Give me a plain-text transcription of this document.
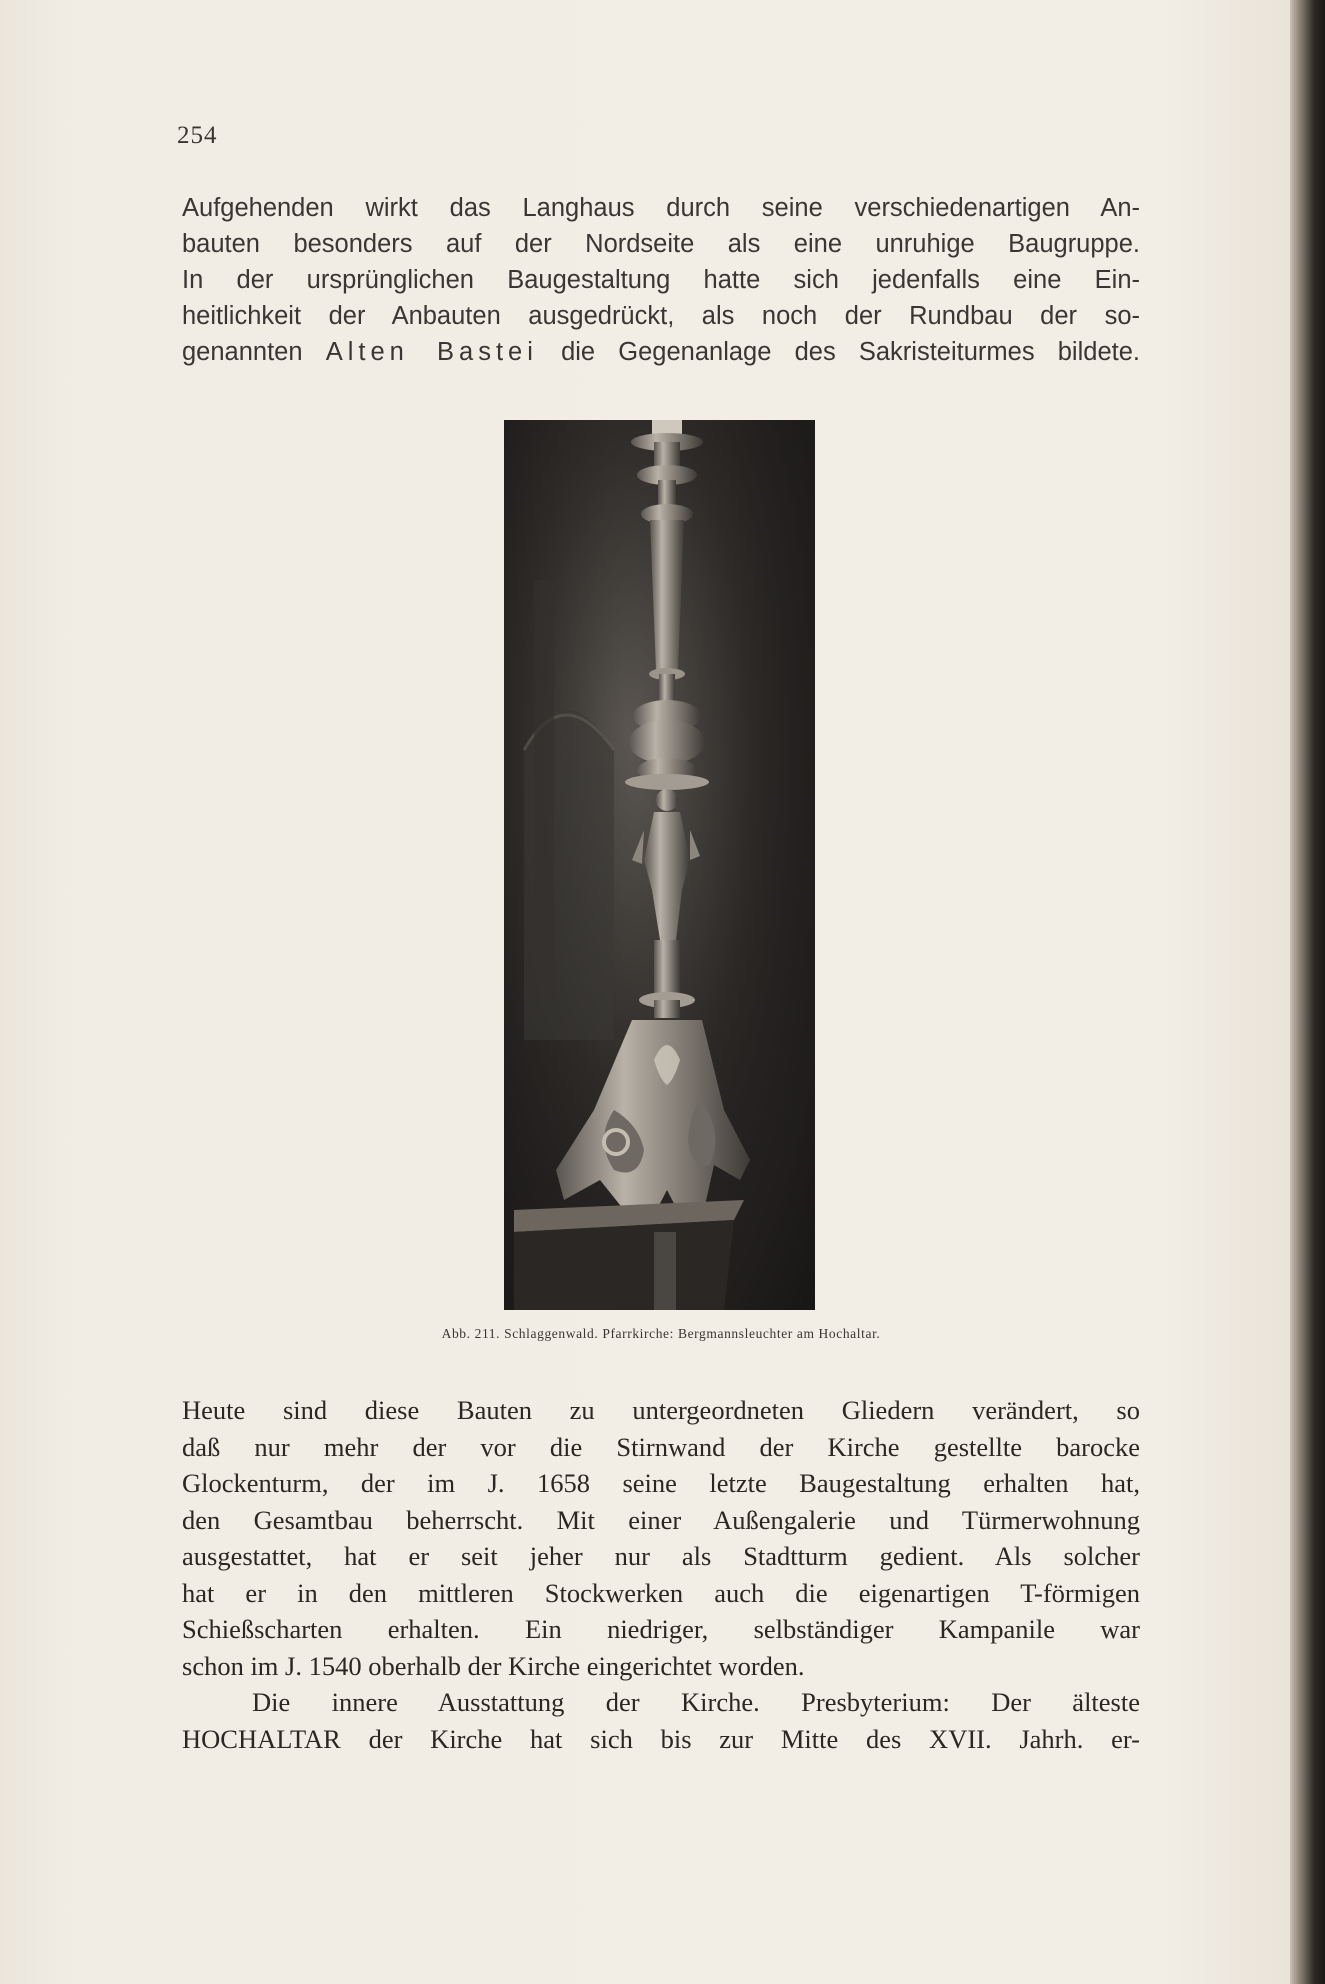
254

Aufgehenden wirkt das Langhaus durch seine verschiedenartigen An-

bauten besonders auf der Nordseite als eine unruhige Baugruppe.

In der ursprünglichen Baugestaltung hatte sich jedenfalls eine Ein-

heitlichkeit der Anbauten ausgedrückt, als noch der Rundbau der so-

genannten Alten Bastei die Gegenanlage des Sakristeiturmes bildete.

Abb. 211. Schlaggenwald. Pfarrkirche: Bergmannsleuchter am Hochaltar.

Heute sind diese Bauten zu untergeordneten Gliedern verändert, so

daß nur mehr der vor die Stirnwand der Kirche gestellte barocke

Glockenturm, der im J. 1658 seine letzte Baugestaltung erhalten hat,

den Gesamtbau beherrscht. Mit einer Außengalerie und Türmerwohnung

ausgestattet, hat er seit jeher nur als Stadtturm gedient. Als solcher

hat er in den mittleren Stockwerken auch die eigenartigen T-förmigen

Schießscharten erhalten. Ein niedriger, selbständiger Kampanile war

schon im J. 1540 oberhalb der Kirche eingerichtet worden.

Die innere Ausstattung der Kirche. Presbyterium: Der älteste

HOCHALTAR der Kirche hat sich bis zur Mitte des XVII. Jahrh. er-
